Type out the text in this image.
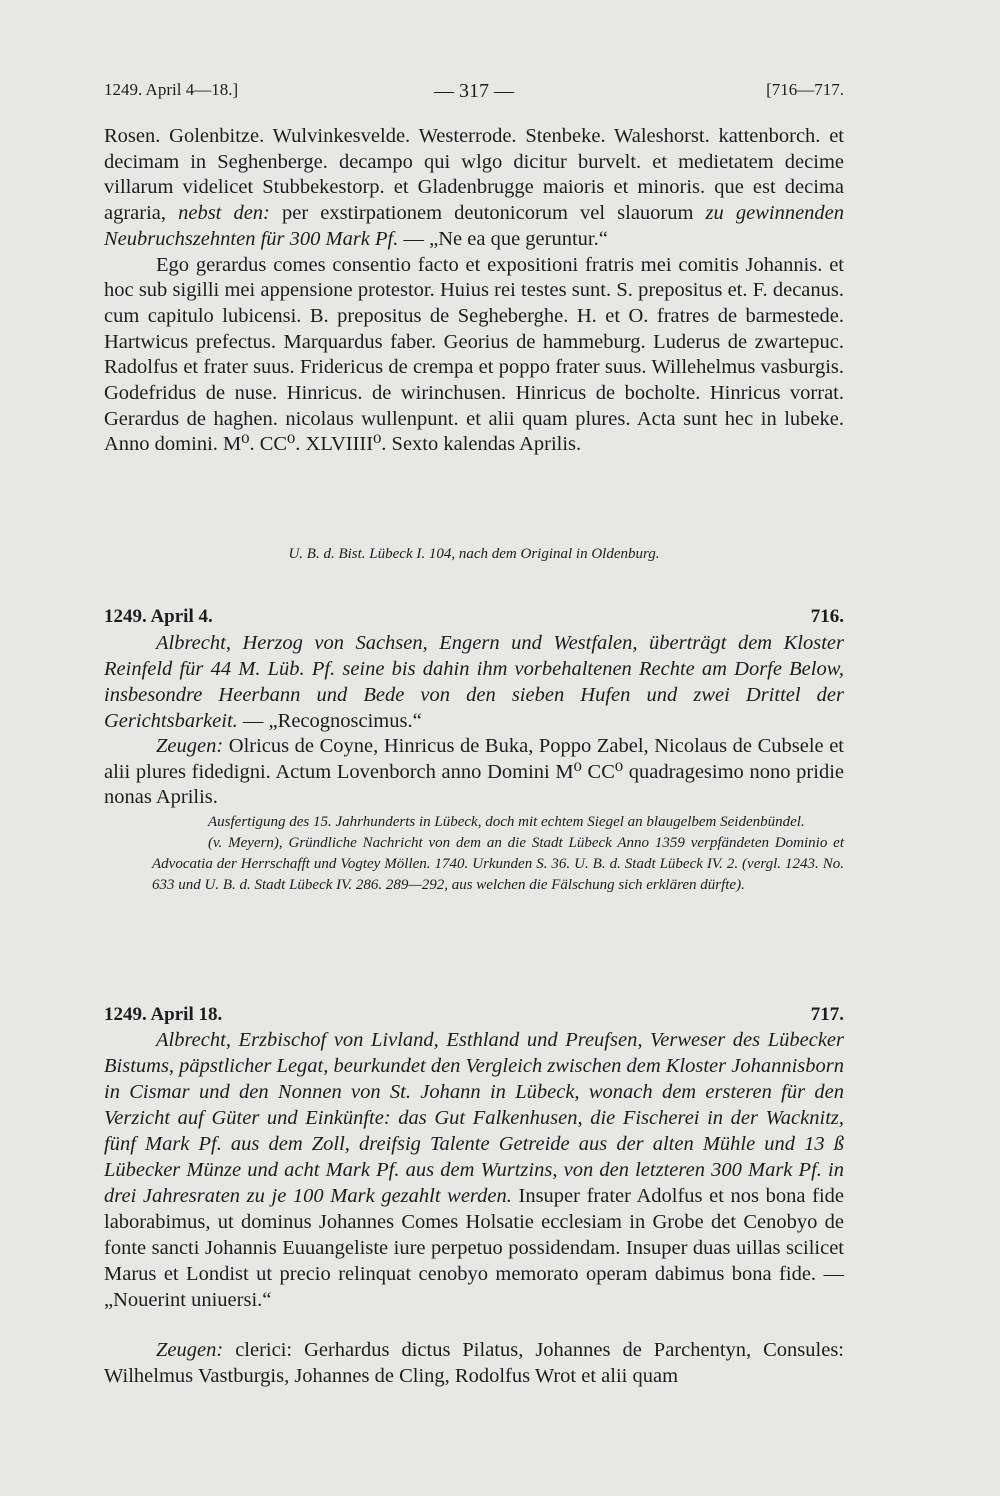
1249. April 4—18.]	— 317 —	[716—717.

Rosen. Golenbitze. Wulvinkesvelde. Westerrode. Stenbeke. Waleshorst. kattenborch. et decimam in Seghenberge. decampo qui wlgo dicitur burvelt. et medietatem decime villarum videlicet Stubbekestorp. et Gladenbrugge maioris et minoris. que est decima agraria, nebst den: per exstirpationem deutonicorum vel slauorum zu gewinnenden Neubruchszehnten für 300 Mark Pf. — „Ne ea que geruntur.“

Ego gerardus comes consentio facto et expositioni fratris mei comitis Johannis. et hoc sub sigilli mei appensione protestor. Huius rei testes sunt. S. prepositus et. F. decanus. cum capitulo lubicensi. B. prepositus de Segheberghe. H. et O. fratres de barmestede. Hartwicus prefectus. Marquardus faber. Georius de hammeburg. Luderus de zwartepuc. Radolfus et frater suus. Fridericus de crempa et poppo frater suus. Willehelmus vasburgis. Godefridus de nuse. Hinricus. de wirinchusen. Hinricus de bocholte. Hinricus vorrat. Gerardus de haghen. nicolaus wullenpunt. et alii quam plures. Acta sunt hec in lubeke. Anno domini. M⁰. CC⁰. XLVIIII⁰. Sexto kalendas Aprilis.

U. B. d. Bist. Lübeck I. 104, nach dem Original in Oldenburg.
1249. April 4.	716.
Albrecht, Herzog von Sachsen, Engern und Westfalen, überträgt dem Kloster Reinfeld für 44 M. Lüb. Pf. seine bis dahin ihm vorbehaltenen Rechte am Dorfe Below, insbesondre Heerbann und Bede von den sieben Hufen und zwei Drittel der Gerichtsbarkeit. — „Recognoscimus.“
Zeugen: Olricus de Coyne, Hinricus de Buka, Poppo Zabel, Nicolaus de Cubsele et alii plures fidedigni. Actum Lovenborch anno Domini M⁰ CC⁰ quadragesimo nono pridie nonas Aprilis.

Ausfertigung des 15. Jahrhunderts in Lübeck, doch mit echtem Siegel an blaugelbem Seidenbündel.

(v. Meyern), Gründliche Nachricht von dem an die Stadt Lübeck Anno 1359 verpfändeten Dominio et Advocatia der Herrschafft und Vogtey Möllen. 1740. Urkunden S. 36. U. B. d. Stadt Lübeck IV. 2. (vergl. 1243. No. 633 und U. B. d. Stadt Lübeck IV. 286. 289—292, aus welchen die Fälschung sich erklären dürfte).

1249. April 18.	717.
Albrecht, Erzbischof von Livland, Esthland und Preufsen, Verweser des Lübecker Bistums, päpstlicher Legat, beurkundet den Vergleich zwischen dem Kloster Johannisborn in Cismar und den Nonnen von St. Johann in Lübeck, wonach dem ersteren für den Verzicht auf Güter und Einkünfte: das Gut Falkenhusen, die Fischerei in der Wacknitz, fünf Mark Pf. aus dem Zoll, dreifsig Talente Getreide aus der alten Mühle und 13 ß Lübecker Münze und acht Mark Pf. aus dem Wurtzins, von den letzteren 300 Mark Pf. in drei Jahresraten zu je 100 Mark gezahlt werden. Insuper frater Adolfus et nos bona fide laborabimus, ut dominus Johannes Comes Holsatie ecclesiam in Grobe det Cenobyo de fonte sancti Johannis Euuangeliste iure perpetuo possidendam. Insuper duas uillas scilicet Marus et Londist ut precio relinquat cenobyo memorato operam dabimus bona fide. — „Nouerint uniuersi.“
Zeugen: clerici: Gerhardus dictus Pilatus, Johannes de Parchentyn, Consules: Wilhelmus Vastburgis, Johannes de Cling, Rodolfus Wrot et alii quam
